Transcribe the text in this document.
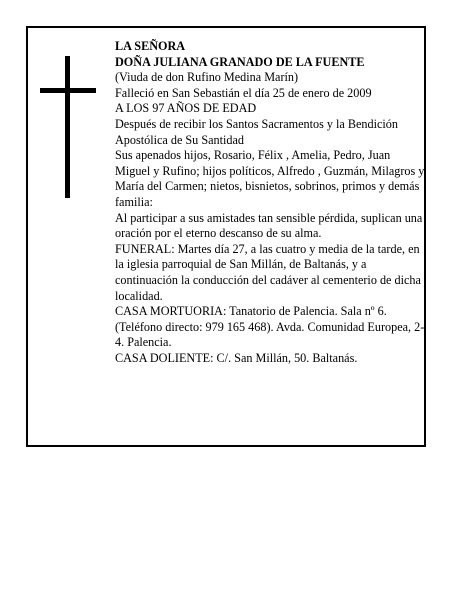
LA SEÑORA

DOÑA JULIANA GRANADO DE LA FUENTE

(Viuda de don Rufino Medina Marín)

Falleció en San Sebastián el día 25 de enero de 2009

A LOS 97 AÑOS DE EDAD

Después de recibir los Santos Sacramentos y la Bendición Apostólica de Su Santidad

Sus apenados hijos, Rosario, Félix , Amelia, Pedro, Juan Miguel y Rufino; hijos políticos, Alfredo , Guzmán, Milagros y María del Carmen; nietos, bisnietos, sobrinos, primos y demás familia:

Al participar a sus amistades tan sensible pérdida, suplican una oración por el eterno descanso de su alma.

FUNERAL: Martes día 27, a las cuatro y media de la tarde, en la iglesia parroquial de San Millán, de Baltanás, y a continuación la conducción del cadáver al cementerio de dicha localidad.

CASA MORTUORIA: Tanatorio de Palencia. Sala nº 6. (Teléfono directo: 979 165 468). Avda. Comunidad Europea, 2-4. Palencia.

CASA DOLIENTE: C/. San Millán, 50. Baltanás.
